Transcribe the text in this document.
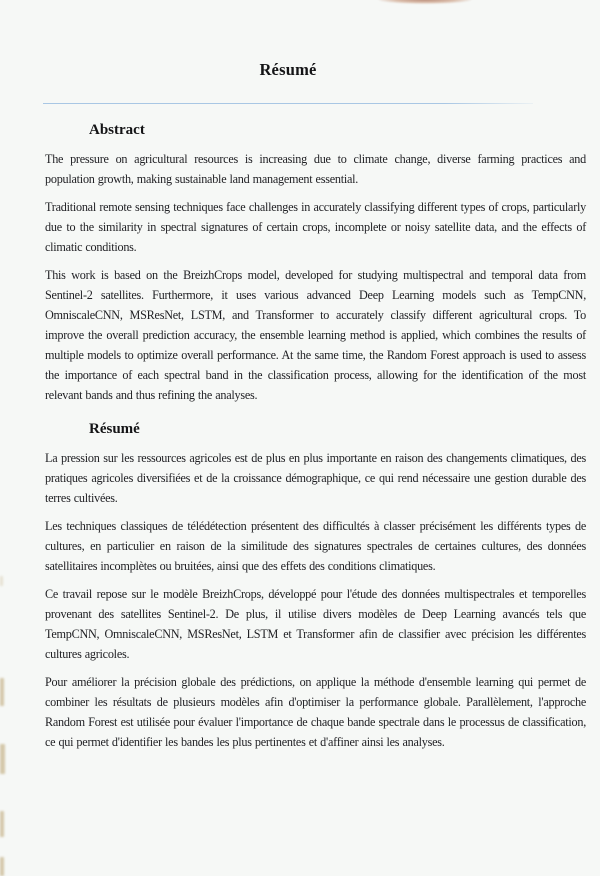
Résumé
Abstract

The pressure on agricultural resources is increasing due to climate change, diverse farming practices and population growth, making sustainable land management essential.

Traditional remote sensing techniques face challenges in accurately classifying different types of crops, particularly due to the similarity in spectral signatures of certain crops, incomplete or noisy satellite data, and the effects of climatic conditions.

This work is based on the BreizhCrops model, developed for studying multispectral and temporal data from Sentinel-2 satellites. Furthermore, it uses various advanced Deep Learning models such as TempCNN, OmniscaleCNN, MSResNet, LSTM, and Transformer to accurately classify different agricultural crops. To improve the overall prediction accuracy, the ensemble learning method is applied, which combines the results of multiple models to optimize overall performance. At the same time, the Random Forest approach is used to assess the importance of each spectral band in the classification process, allowing for the identification of the most relevant bands and thus refining the analyses.

Résumé

La pression sur les ressources agricoles est de plus en plus importante en raison des changements climatiques, des pratiques agricoles diversifiées et de la croissance démographique, ce qui rend nécessaire une gestion durable des terres cultivées.

Les techniques classiques de télédétection présentent des difficultés à classer précisément les différents types de cultures, en particulier en raison de la similitude des signatures spectrales de certaines cultures, des données satellitaires incomplètes ou bruitées, ainsi que des effets des conditions climatiques.

Ce travail repose sur le modèle BreizhCrops, développé pour l'étude des données multispectrales et temporelles provenant des satellites Sentinel-2. De plus, il utilise divers modèles de Deep Learning avancés tels que TempCNN, OmniscaleCNN, MSResNet, LSTM et Transformer afin de classifier avec précision les différentes cultures agricoles.

Pour améliorer la précision globale des prédictions, on applique la méthode d'ensemble learning qui permet de combiner les résultats de plusieurs modèles afin d'optimiser la performance globale. Parallèlement, l'approche Random Forest est utilisée pour évaluer l'importance de chaque bande spectrale dans le processus de classification, ce qui permet d'identifier les bandes les plus pertinentes et d'affiner ainsi les analyses.
